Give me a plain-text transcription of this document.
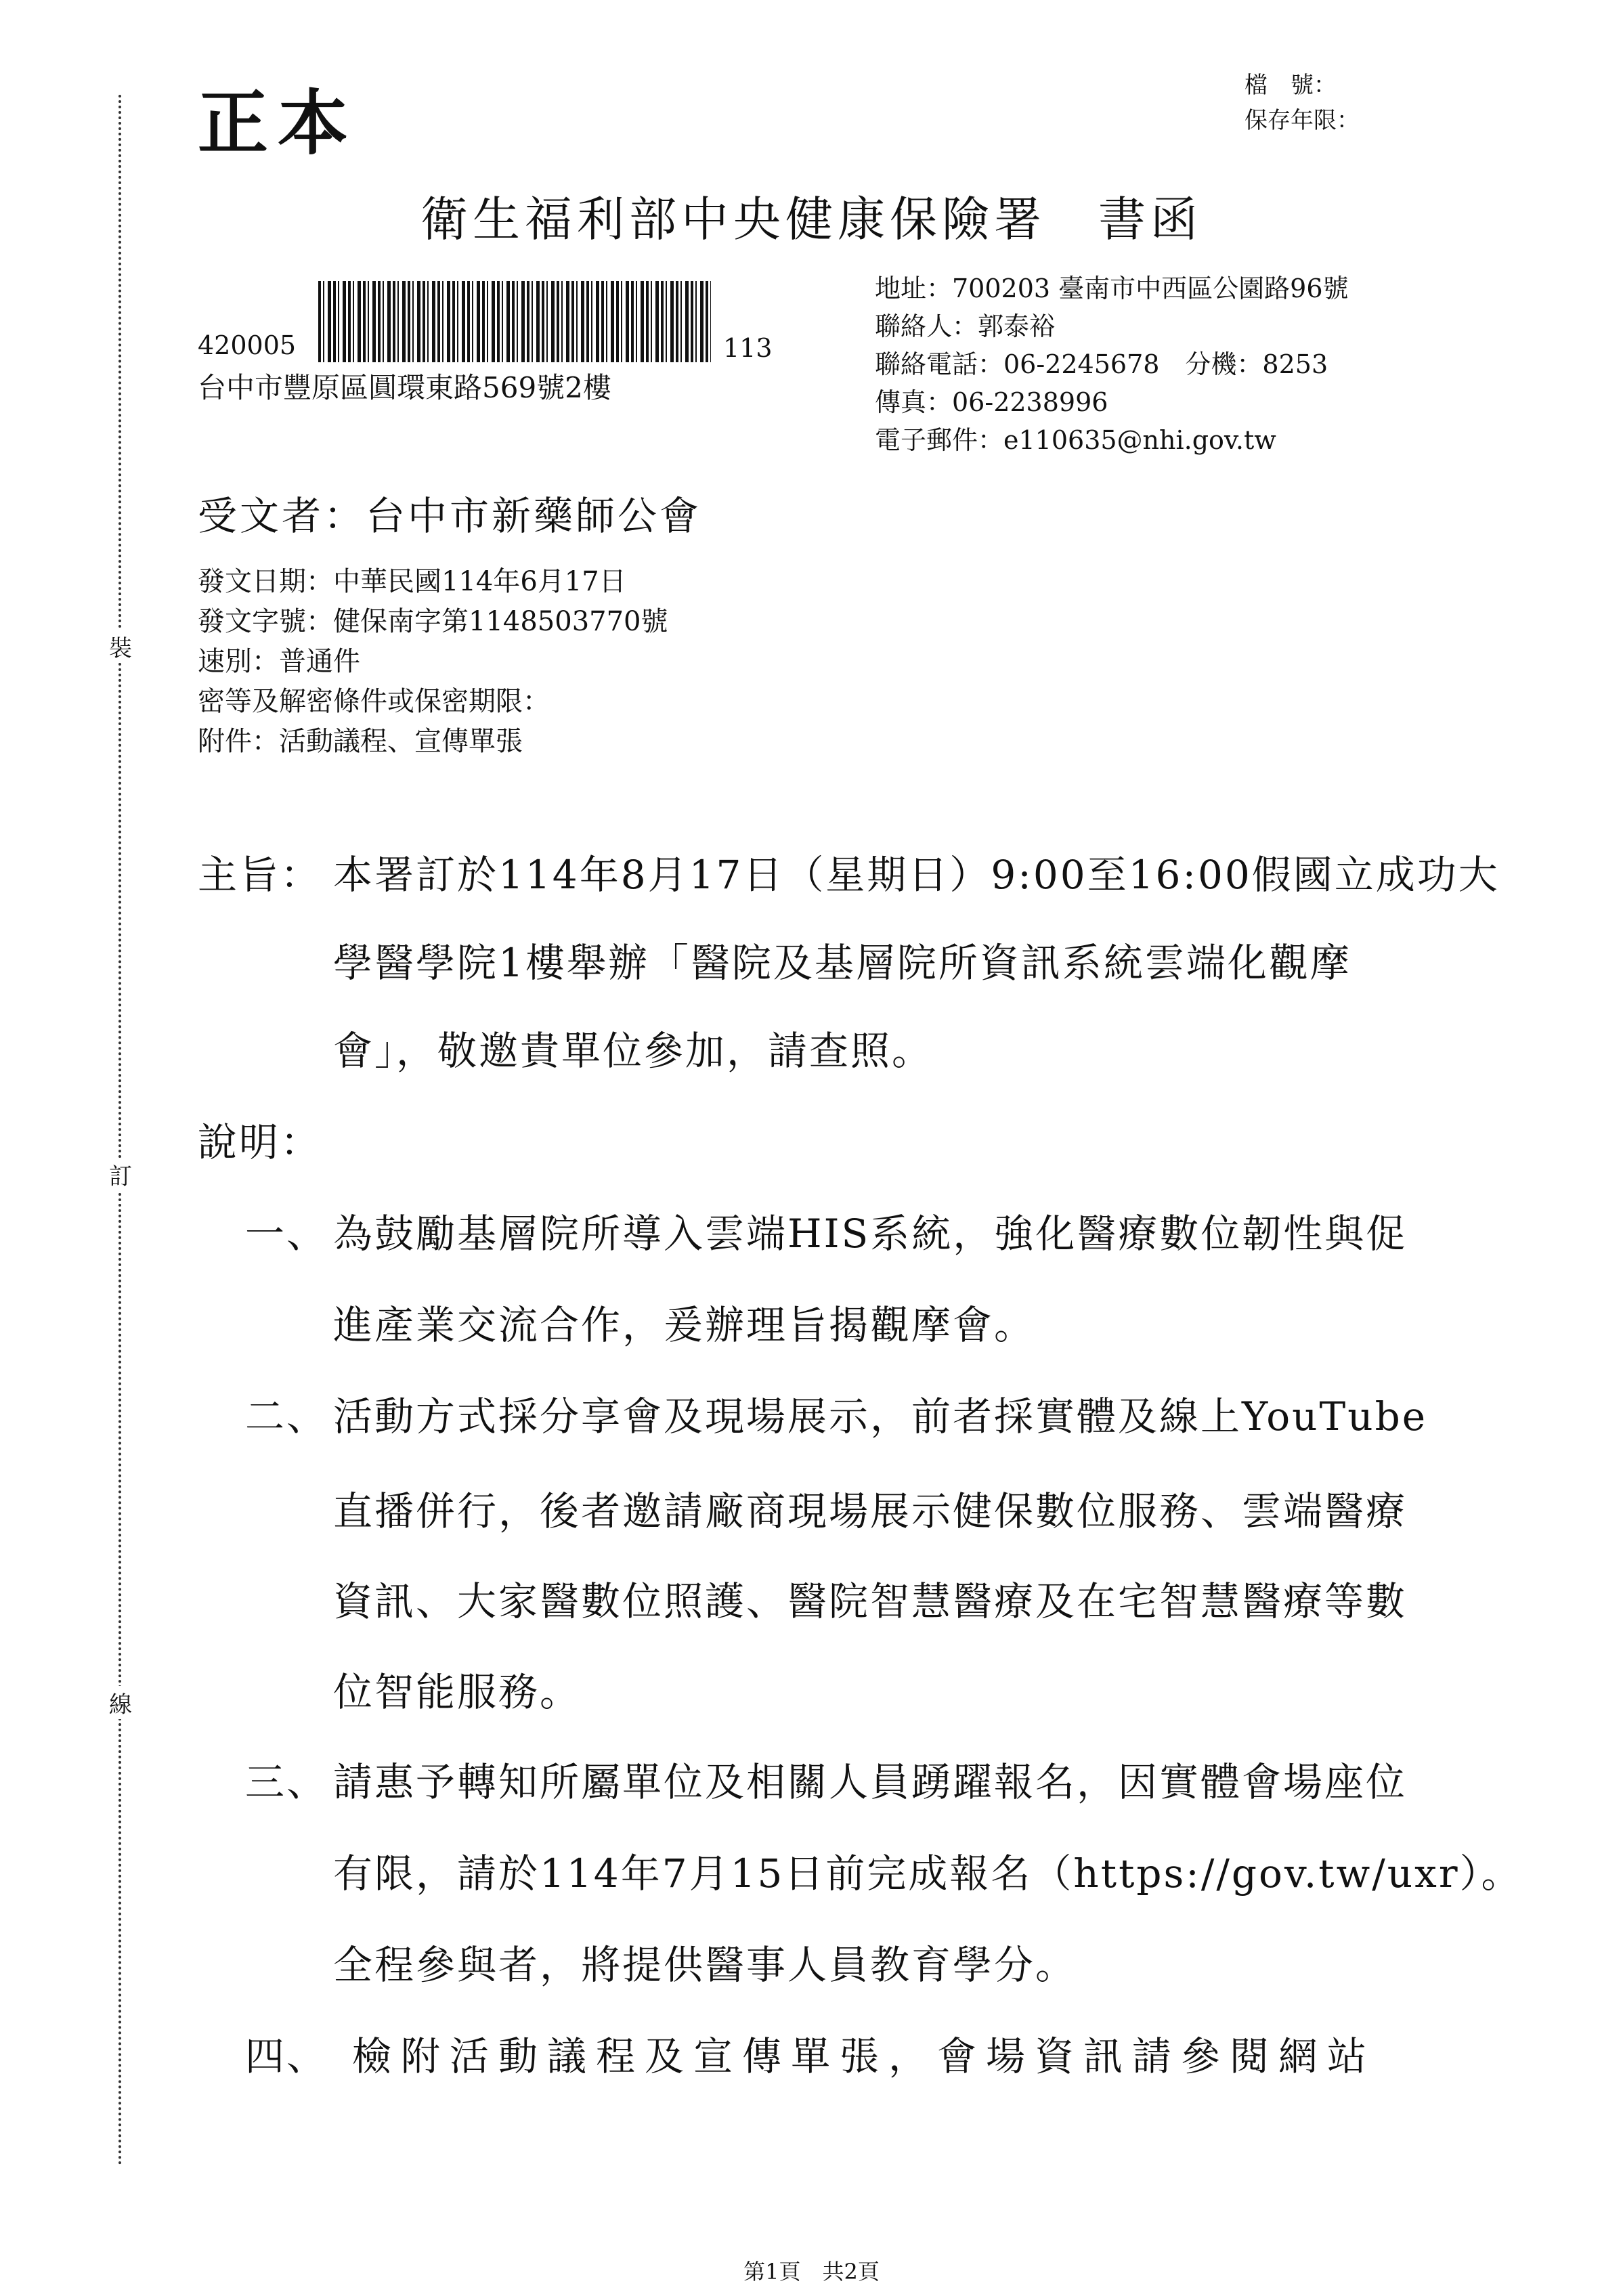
裝
訂
線
正本	檔　號：
保存年限：
衛生福利部中央健康保險署　書函
420005	113
台中市豐原區圓環東路569號2樓
地址：700203 臺南市中西區公園路96號
聯絡人：郭泰裕
聯絡電話：06-2245678　分機：8253
傳真：06-2238996
電子郵件：e110635@nhi.gov.tw
受文者：台中市新藥師公會
發文日期：中華民國114年6月17日
發文字號：健保南字第1148503770號
速別：普通件
密等及解密條件或保密期限：
附件：活動議程、宣傳單張
主旨： 本署訂於114年8月17日（星期日）9:00至16:00假國立成功大
學醫學院1樓舉辦「醫院及基層院所資訊系統雲端化觀摩
會」，敬邀貴單位參加，請查照。
說明：
一、 為鼓勵基層院所導入雲端HIS系統，強化醫療數位韌性與促
進產業交流合作，爰辦理旨揭觀摩會。
二、 活動方式採分享會及現場展示，前者採實體及線上YouTube
直播併行，後者邀請廠商現場展示健保數位服務、雲端醫療
資訊、大家醫數位照護、醫院智慧醫療及在宅智慧醫療等數
位智能服務。
三、 請惠予轉知所屬單位及相關人員踴躍報名，因實體會場座位
有限，請於114年7月15日前完成報名（https://gov.tw/uxr）。
全程參與者，將提供醫事人員教育學分。
四、 檢附活動議程及宣傳單張，會場資訊請參閱網站
第1頁　共2頁
